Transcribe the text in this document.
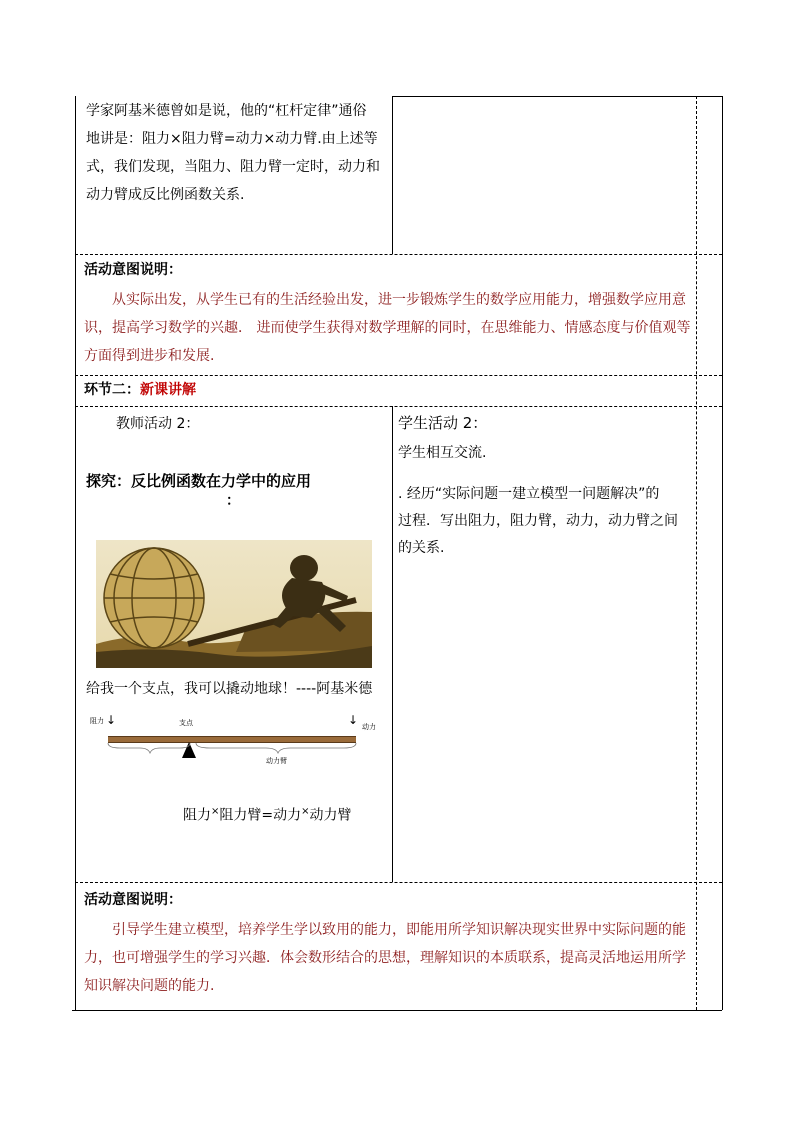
学家阿基米德曾如是说，他的“杠杆定律”通俗
地讲是：阻力×阻力臂=动力×动力臂.由上述等
式，我们发现，当阻力、阻力臂一定时，动力和
动力臂成反比例函数关系.
活动意图说明：
从实际出发，从学生已有的生活经验出发，进一步锻炼学生的数学应用能力，增强数学应用意
识，提高学习数学的兴趣． 进而使学生获得对数学理解的同时，在思维能力、情感态度与价值观等
方面得到进步和发展.
环节二：新课讲解
教师活动 2：
探究：反比例函数在力学中的应用
：
给我一个支点，我可以撬动地球！----阿基米德
阻力 ↓	支点	↓ 动力
动力臂
阻力×阻力臂=动力×动力臂
学生活动 2：
学生相互交流.
. 经历“实际问题一建立模型一问题解决”的
过程．写出阻力，阻力臂，动力，动力臂之间
的关系.
活动意图说明：
引导学生建立模型，培养学生学以致用的能力，即能用所学知识解决现实世界中实际问题的能
力，也可增强学生的学习兴趣．体会数形结合的思想，理解知识的本质联系，提高灵活地运用所学
知识解决问题的能力.
